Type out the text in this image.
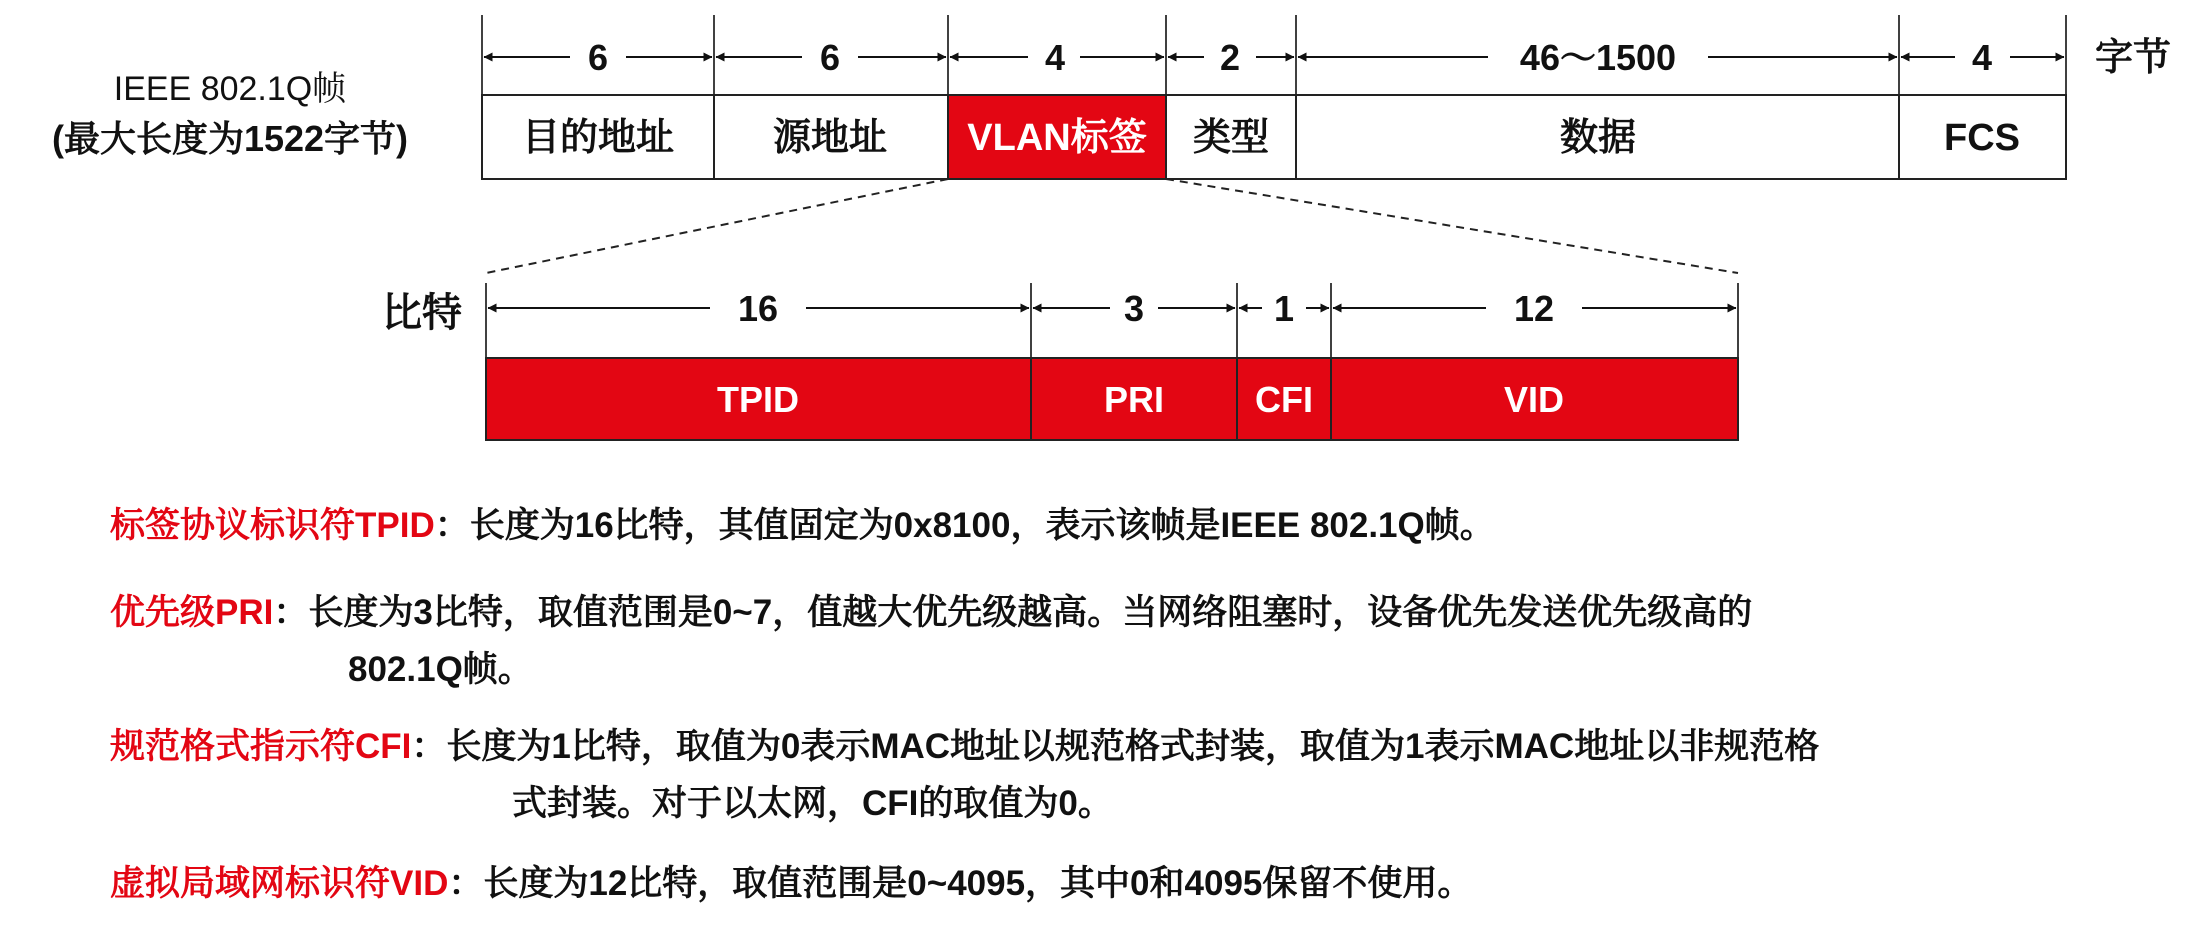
IEEE 802.1Q帧
(最大长度为1522字节)
6	6	4	2	46～1500	4	字节
目的地址	源地址 VLAN标签 类型	数据	FCS
比特	16	3	1	12
TPID	PRI	CFI	VID
标签协议标识符TPID：长度为16比特，其值固定为0x8100，表示该帧是IEEE 802.1Q帧。
优先级PRI：长度为3比特，取值范围是0~7，值越大优先级越高。当网络阻塞时，设备优先发送优先级高的
802.1Q帧。
规范格式指示符CFI：长度为1比特，取值为0表示MAC地址以规范格式封装，取值为1表示MAC地址以非规范格
式封装。对于以太网，CFI的取值为0。
虚拟局域网标识符VID：长度为12比特，取值范围是0~4095，其中0和4095保留不使用。
